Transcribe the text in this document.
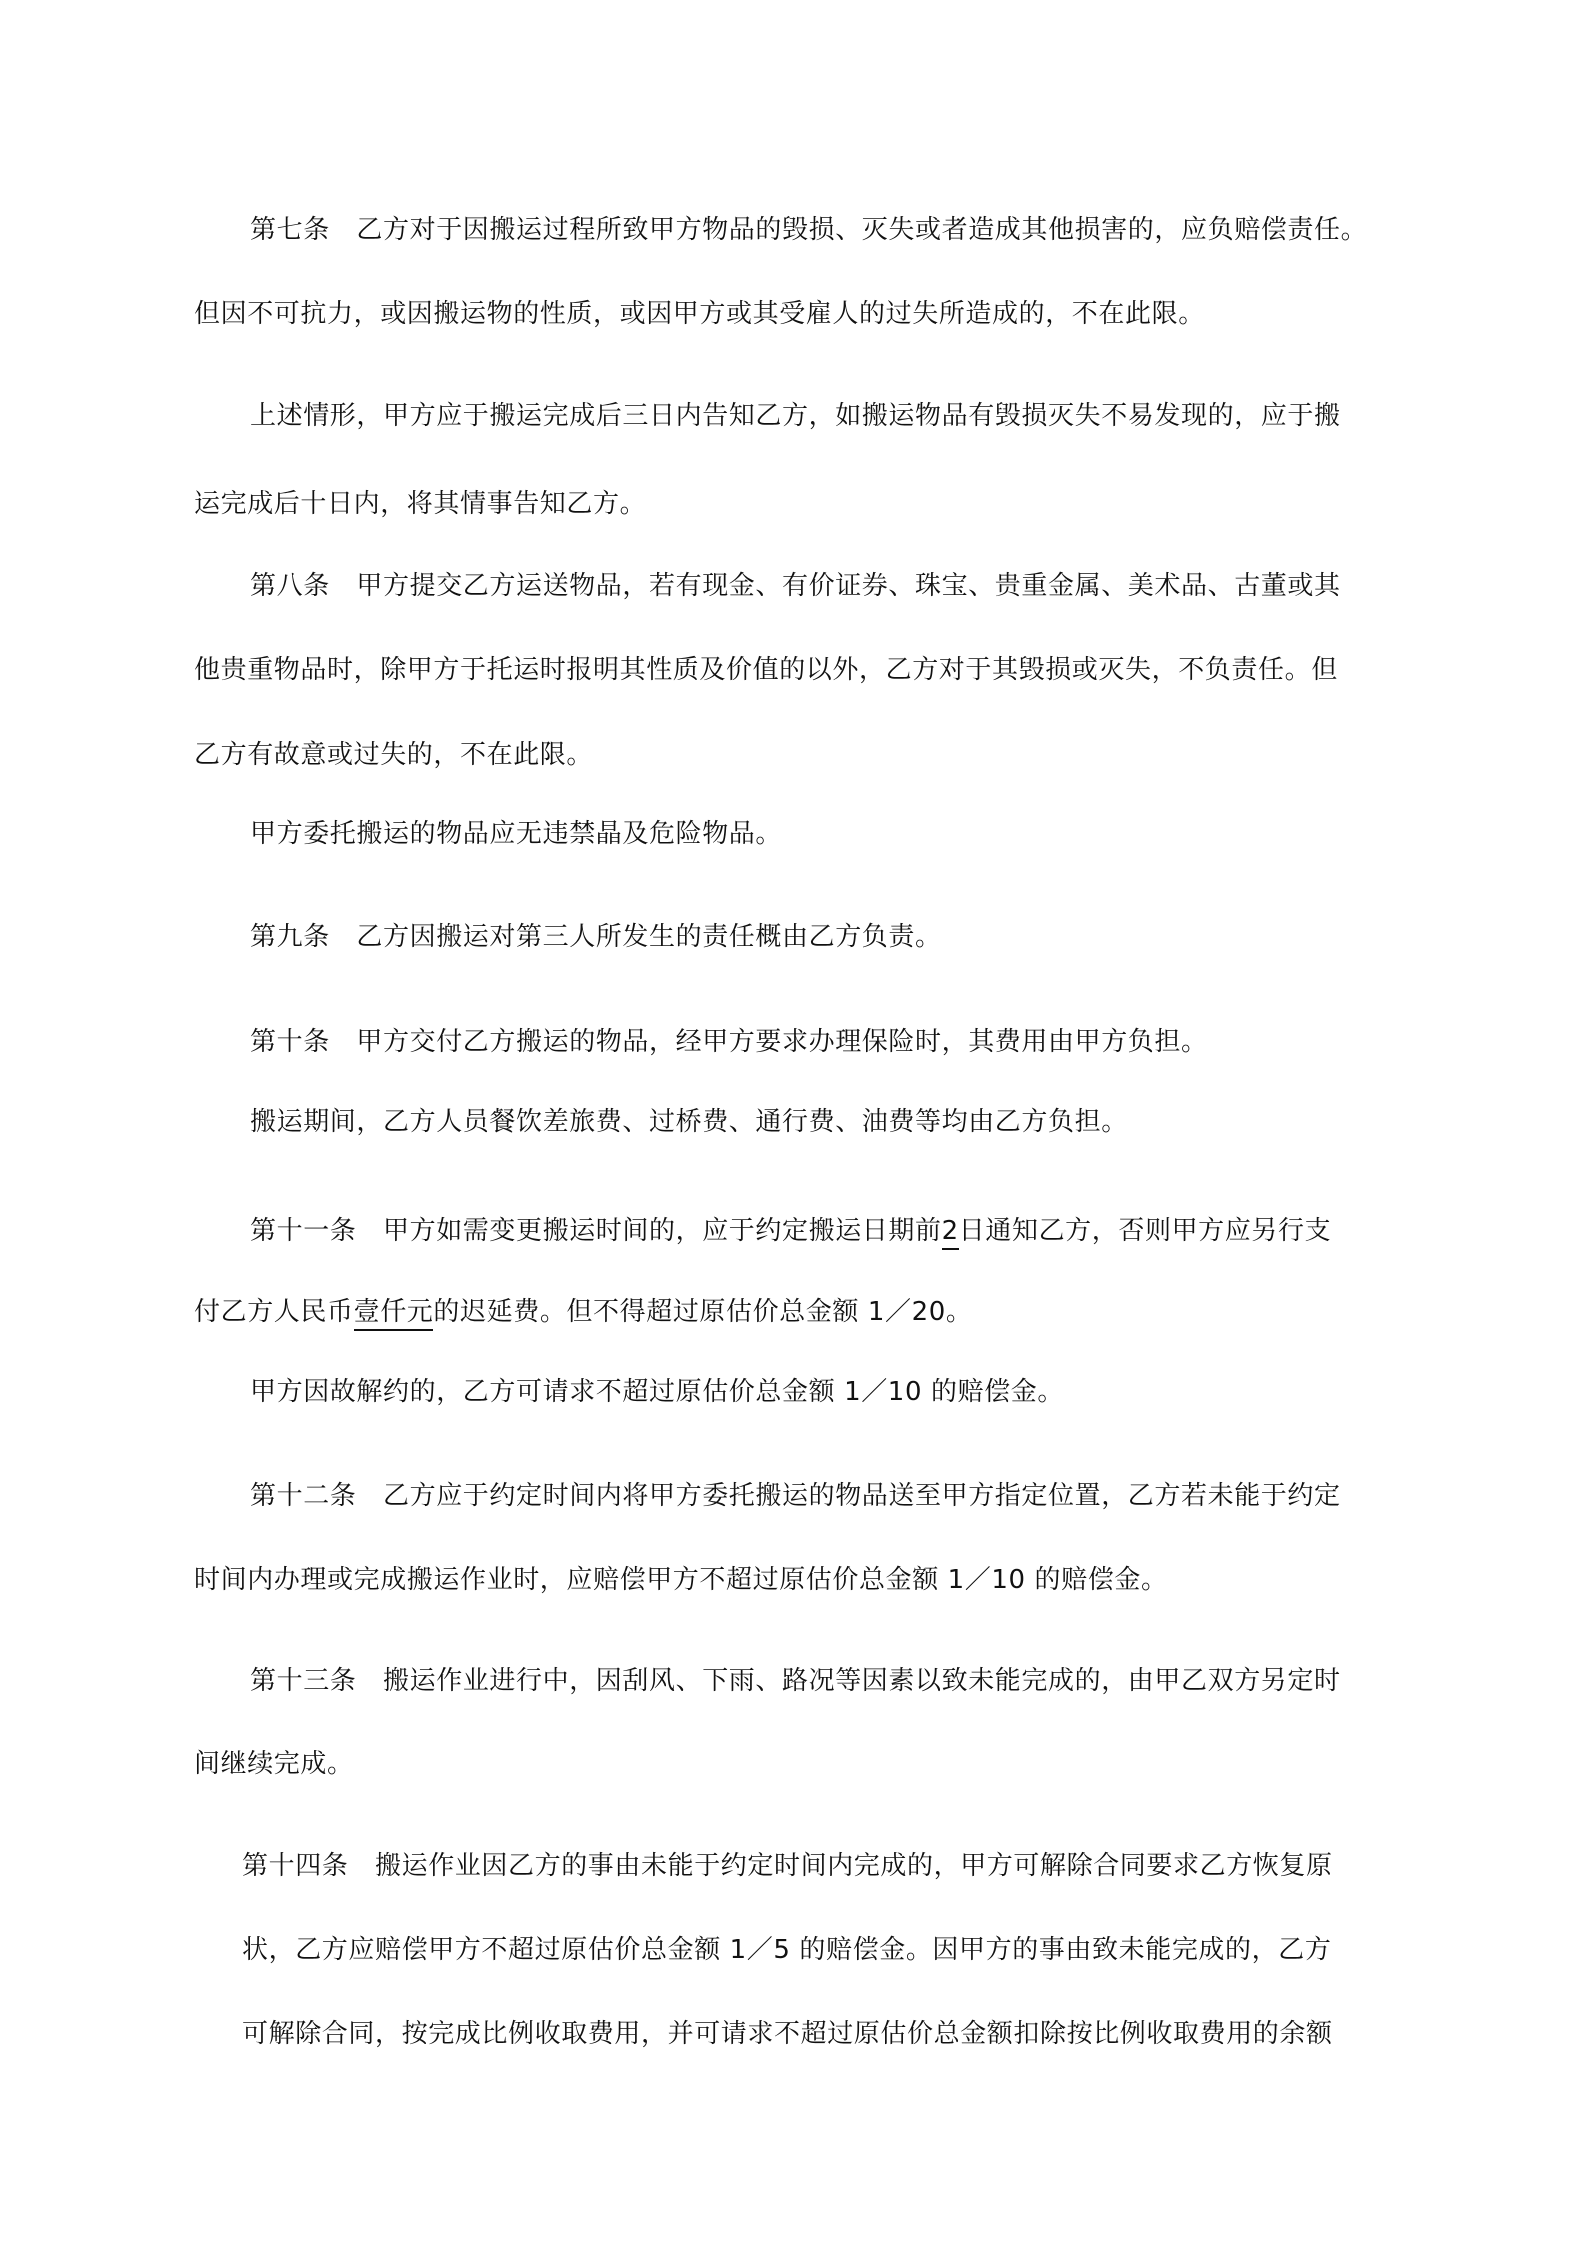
第七条　乙方对于因搬运过程所致甲方物品的毁损、灭失或者造成其他损害的，应负赔偿责任。
但因不可抗力，或因搬运物的性质，或因甲方或其受雇人的过失所造成的，不在此限。
上述情形，甲方应于搬运完成后三日内告知乙方，如搬运物品有毁损灭失不易发现的，应于搬
运完成后十日内，将其情事告知乙方。
第八条　甲方提交乙方运送物品，若有现金、有价证券、珠宝、贵重金属、美术品、古董或其
他贵重物品时，除甲方于托运时报明其性质及价值的以外，乙方对于其毁损或灭失，不负责任。但
乙方有故意或过失的，不在此限。
甲方委托搬运的物品应无违禁晶及危险物品。
第九条　乙方因搬运对第三人所发生的责任概由乙方负责。
第十条　甲方交付乙方搬运的物品，经甲方要求办理保险时，其费用由甲方负担。
搬运期间，乙方人员餐饮差旅费、过桥费、通行费、油费等均由乙方负担。
第十一条　甲方如需变更搬运时间的，应于约定搬运日期前2日通知乙方，否则甲方应另行支
付乙方人民币壹仟元的迟延费。但不得超过原估价总金额 1／20。
甲方因故解约的，乙方可请求不超过原估价总金额 1／10 的赔偿金。
第十二条　乙方应于约定时间内将甲方委托搬运的物品送至甲方指定位置，乙方若未能于约定
时间内办理或完成搬运作业时，应赔偿甲方不超过原估价总金额 1／10 的赔偿金。
第十三条　搬运作业进行中，因刮风、下雨、路况等因素以致未能完成的，由甲乙双方另定时
间继续完成。
第十四条　搬运作业因乙方的事由未能于约定时间内完成的，甲方可解除合同要求乙方恢复原
状，乙方应赔偿甲方不超过原估价总金额 1／5 的赔偿金。因甲方的事由致未能完成的，乙方
可解除合同，按完成比例收取费用，并可请求不超过原估价总金额扣除按比例收取费用的余额
